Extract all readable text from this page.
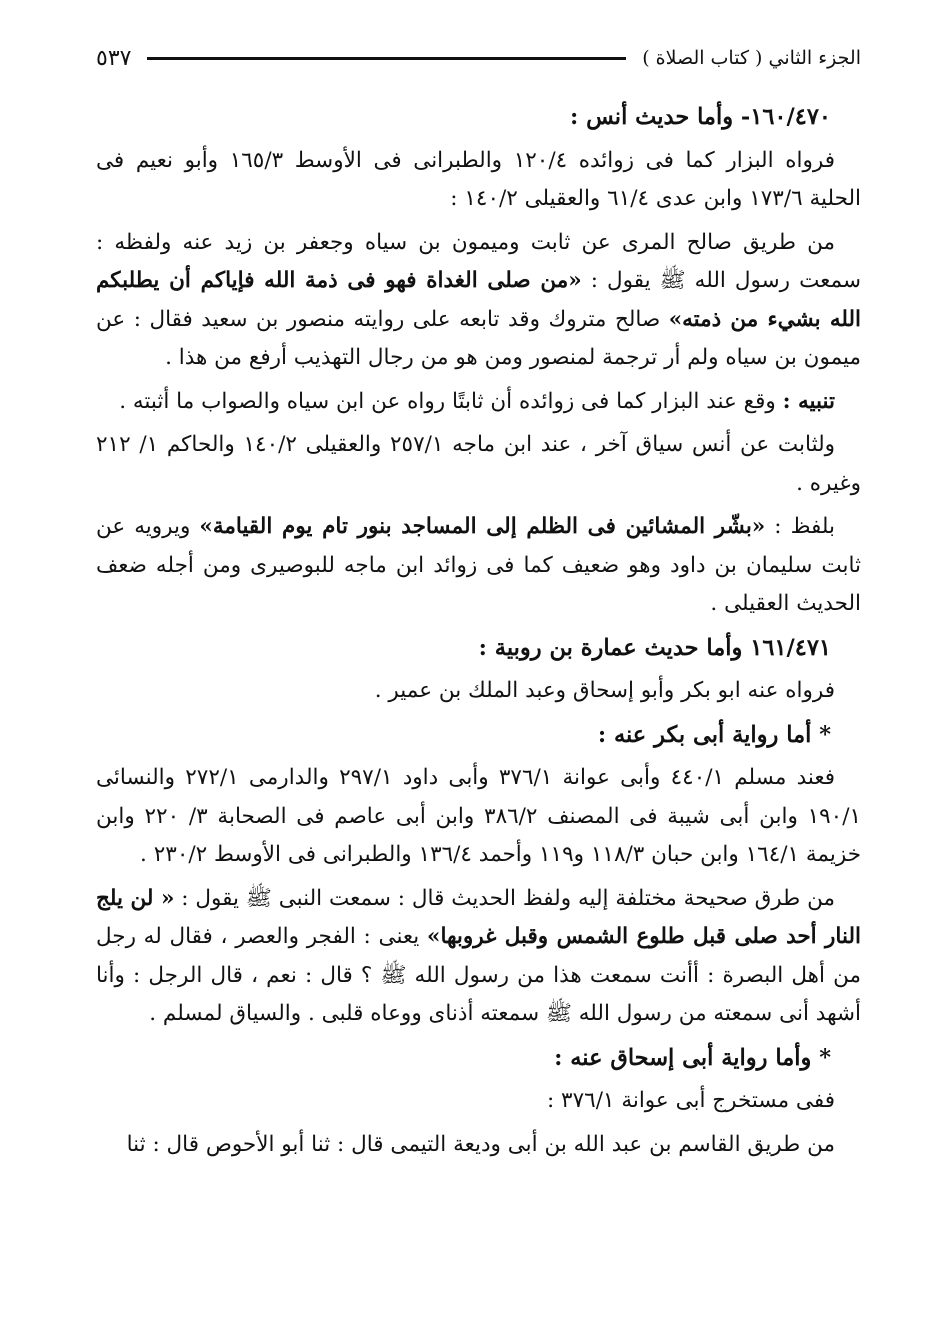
الجزء الثاني ( كتاب الصلاة )
٥٣٧

١٦٠/٤٧٠- وأما حديث أنس :

فرواه البزار كما فى زوائده ١٢٠/٤ والطبرانى فى الأوسط ١٦٥/٣ وأبو نعيم فى الحلية ١٧٣/٦ وابن عدى ٦١/٤ والعقيلى ١٤٠/٢ :

من طريق صالح المرى عن ثابت وميمون بن سياه وجعفر بن زيد عنه ولفظه : سمعت رسول الله ﷺ يقول : «من صلى الغداة فهو فى ذمة الله فإياكم أن يطلبكم الله بشيء من ذمته» صالح متروك وقد تابعه على روايته منصور بن سعيد فقال : عن ميمون بن سياه ولم أر ترجمة لمنصور ومن هو من رجال التهذيب أرفع من هذا .

تنبيه : وقع عند البزار كما فى زوائده أن ثابتًا رواه عن ابن سياه والصواب ما أثبته .

ولثابت عن أنس سياق آخر ، عند ابن ماجه ٢٥٧/١ والعقيلى ١٤٠/٢ والحاكم ١/ ٢١٢ وغيره .

بلفظ : «بشّر المشائين فى الظلم إلى المساجد بنور تام يوم القيامة» ويرويه عن ثابت سليمان بن داود وهو ضعيف كما فى زوائد ابن ماجه للبوصيرى ومن أجله ضعف الحديث العقيلى .

١٦١/٤٧١ وأما حديث عمارة بن روبية :

فرواه عنه ابو بكر وأبو إسحاق وعبد الملك بن عمير .

* أما رواية أبى بكر عنه :

فعند مسلم ٤٤٠/١ وأبى عوانة ٣٧٦/١ وأبى داود ٢٩٧/١ والدارمى ٢٧٢/١ والنسائى ١٩٠/١ وابن أبى شيبة فى المصنف ٣٨٦/٢ وابن أبى عاصم فى الصحابة ٣/ ٢٢٠ وابن خزيمة ١٦٤/١ وابن حبان ١١٨/٣ و١١٩ وأحمد ١٣٦/٤ والطبرانى فى الأوسط ٢٣٠/٢ .

من طرق صحيحة مختلفة إليه ولفظ الحديث قال : سمعت النبى ﷺ يقول : « لن يلج النار أحد صلى قبل طلوع الشمس وقبل غروبها» يعنى : الفجر والعصر ، فقال له رجل من أهل البصرة : أأنت سمعت هذا من رسول الله ﷺ ؟ قال : نعم ، قال الرجل : وأنا أشهد أنى سمعته من رسول الله ﷺ سمعته أذناى ووعاه قلبى . والسياق لمسلم .

* وأما رواية أبى إسحاق عنه :

ففى مستخرج أبى عوانة ٣٧٦/١ :

من طريق القاسم بن عبد الله بن أبى وديعة التيمى قال : ثنا أبو الأحوص قال : ثنا
